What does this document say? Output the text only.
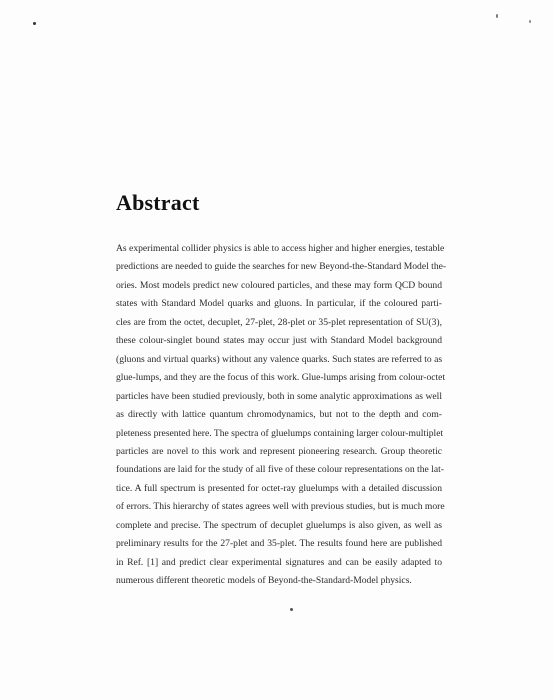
Abstract
As experimental collider physics is able to access higher and higher energies, testable
predictions are needed to guide the searches for new Beyond-the-Standard Model the-
ories. Most models predict new coloured particles, and these may form QCD bound
states with Standard Model quarks and gluons. In particular, if the coloured parti-
cles are from the octet, decuplet, 27-plet, 28-plet or 35-plet representation of SU(3),
these colour-singlet bound states may occur just with Standard Model background
(gluons and virtual quarks) without any valence quarks. Such states are referred to as
glue-lumps, and they are the focus of this work. Glue-lumps arising from colour-octet
particles have been studied previously, both in some analytic approximations as well
as directly with lattice quantum chromodynamics, but not to the depth and com-
pleteness presented here. The spectra of gluelumps containing larger colour-multiplet
particles are novel to this work and represent pioneering research. Group theoretic
foundations are laid for the study of all five of these colour representations on the lat-
tice. A full spectrum is presented for octet-ray gluelumps with a detailed discussion
of errors. This hierarchy of states agrees well with previous studies, but is much more
complete and precise. The spectrum of decuplet gluelumps is also given, as well as
preliminary results for the 27-plet and 35-plet. The results found here are published
in Ref. [1] and predict clear experimental signatures and can be easily adapted to
numerous different theoretic models of Beyond-the-Standard-Model physics.
